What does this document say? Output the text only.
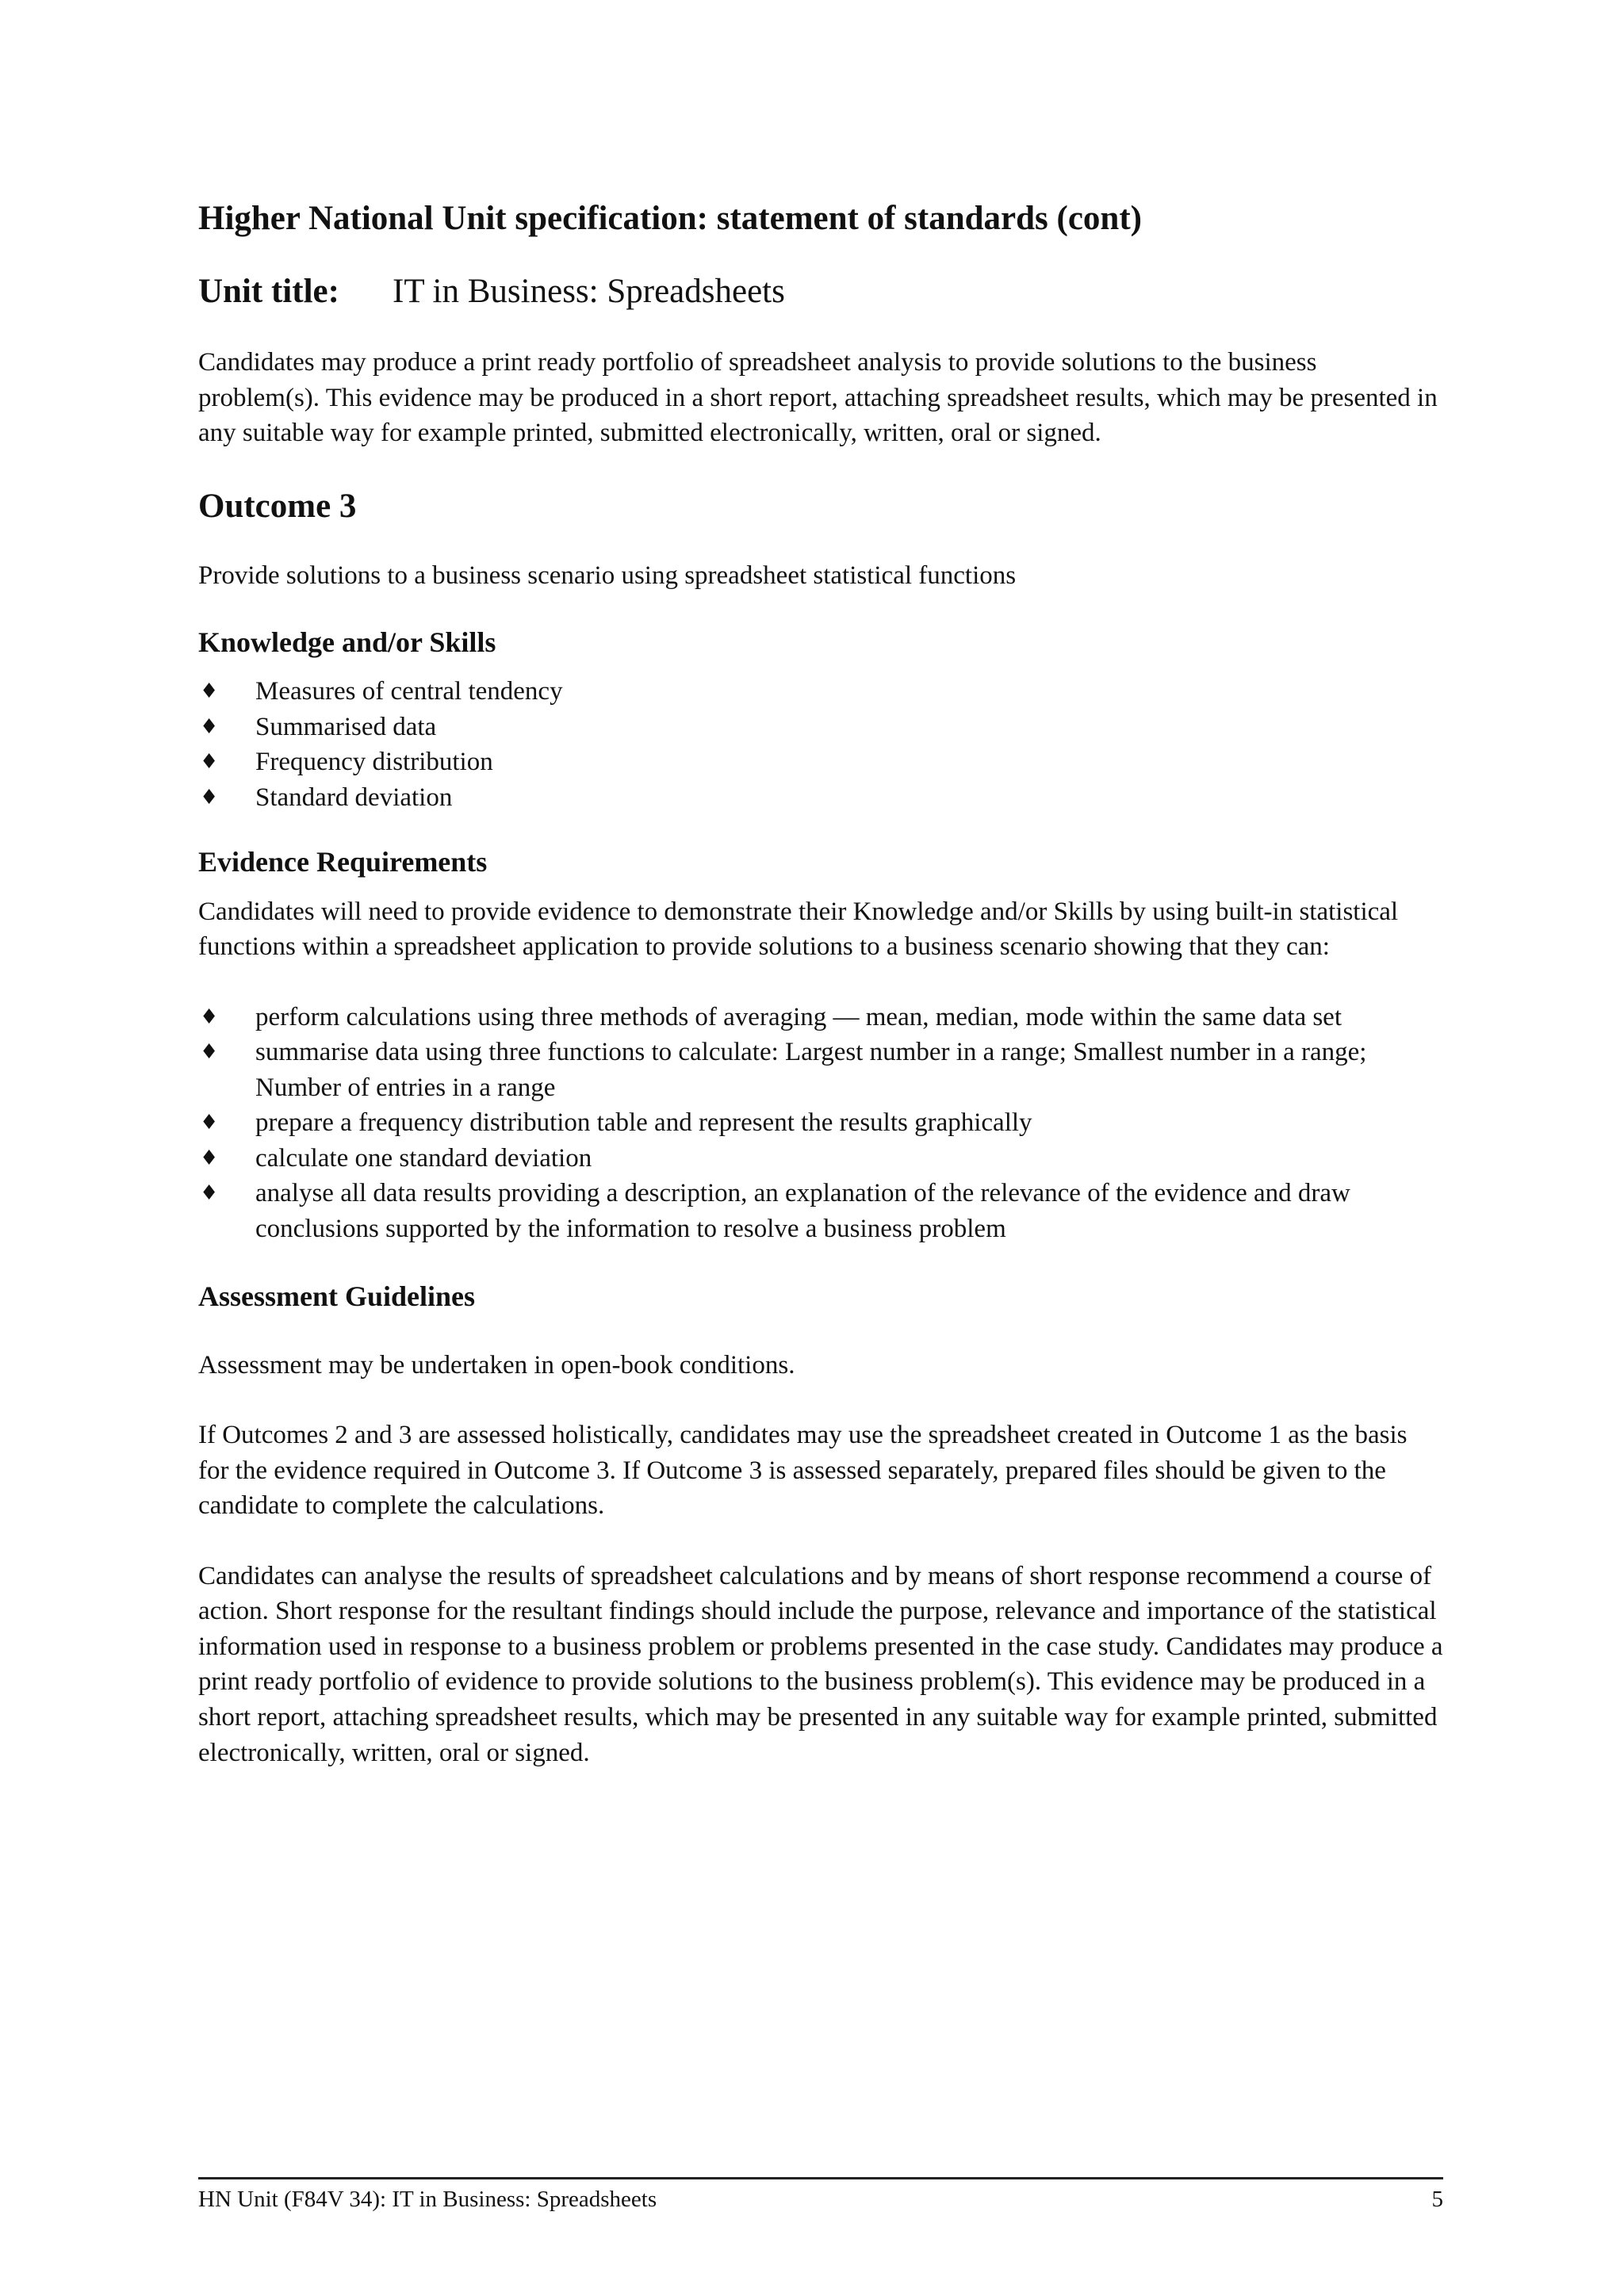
Higher National Unit specification: statement of standards (cont)
Unit title: IT in Business: Spreadsheets

Candidates may produce a print ready portfolio of spreadsheet analysis to provide solutions to the business problem(s). This evidence may be produced in a short report, attaching spreadsheet results, which may be presented in any suitable way for example printed, submitted electronically, written, oral or signed.

Outcome 3

Provide solutions to a business scenario using spreadsheet statistical functions

Knowledge and/or Skills
♦ Measures of central tendency
♦ Summarised data
♦ Frequency distribution
♦ Standard deviation
Evidence Requirements

Candidates will need to provide evidence to demonstrate their Knowledge and/or Skills by using built-in statistical functions within a spreadsheet application to provide solutions to a business scenario showing that they can:

♦ perform calculations using three methods of averaging — mean, median, mode within the same data set
♦ summarise data using three functions to calculate: Largest number in a range; Smallest number in a range; Number of entries in a range
♦ prepare a frequency distribution table and represent the results graphically
♦ calculate one standard deviation
♦ analyse all data results providing a description, an explanation of the relevance of the evidence and draw conclusions supported by the information to resolve a business problem
Assessment Guidelines

Assessment may be undertaken in open-book conditions.

If Outcomes 2 and 3 are assessed holistically, candidates may use the spreadsheet created in Outcome 1 as the basis for the evidence required in Outcome 3. If Outcome 3 is assessed separately, prepared files should be given to the candidate to complete the calculations.

Candidates can analyse the results of spreadsheet calculations and by means of short response recommend a course of action. Short response for the resultant findings should include the purpose, relevance and importance of the statistical information used in response to a business problem or problems presented in the case study. Candidates may produce a print ready portfolio of evidence to provide solutions to the business problem(s). This evidence may be produced in a short report, attaching spreadsheet results, which may be presented in any suitable way for example printed, submitted electronically, written, oral or signed.

HN Unit (F84V 34): IT in Business: Spreadsheets	5
